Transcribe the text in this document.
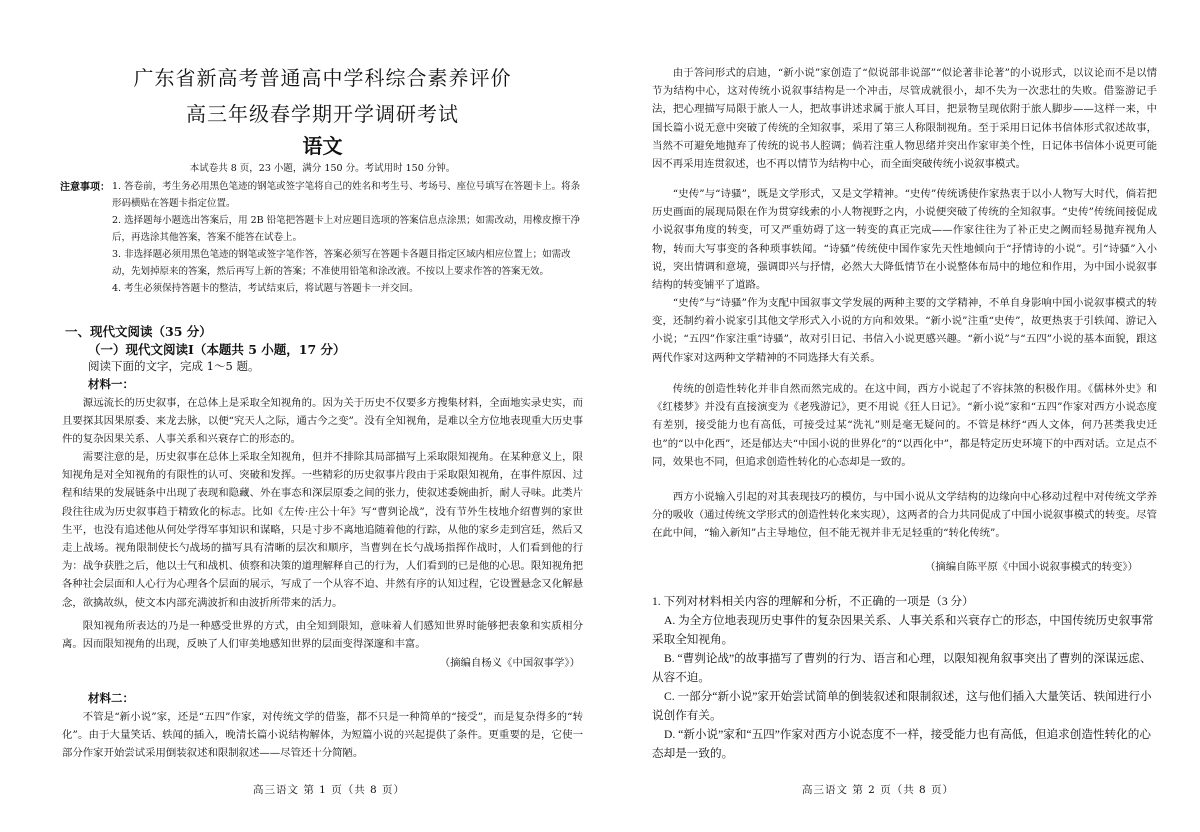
广东省新高考普通高中学科综合素养评价
高三年级春学期开学调研考试
语文
本试卷共 8 页，23 小题，满分 150 分。考试用时 150 分钟。
注意事项： 1. 答卷前，考生务必用黑色笔迹的钢笔或签字笔将自己的姓名和考生号、考场号、座位号填写在答题卡上。将条形码横贴在答题卡指定位置。
2. 选择题每小题选出答案后，用 2B 铅笔把答题卡上对应题目选项的答案信息点涂黑；如需改动，用橡皮擦干净后，再选涂其他答案，答案不能答在试卷上。
3. 非选择题必须用黑色笔迹的钢笔或签字笔作答，答案必须写在答题卡各题目指定区域内相应位置上；如需改动，先划掉原来的答案，然后再写上新的答案；不准使用铅笔和涂改液。不按以上要求作答的答案无效。
4. 考生必须保持答题卡的整洁，考试结束后，将试题与答题卡一并交回。
一、现代文阅读（35 分）
（一）现代文阅读Ⅰ（本题共 5 小题，17 分）
阅读下面的文字，完成 1～5 题。
材料一：
源远流长的历史叙事，在总体上是采取全知视角的。因为关于历史不仅要多方搜集材料，全面地实录史实，而且要探其因果原委、来龙去脉，以便“究天人之际，通古今之变”。没有全知视角，是难以全方位地表现重大历史事件的复杂因果关系、人事关系和兴衰存亡的形态的。
需要注意的是，历史叙事在总体上采取全知视角，但并不排除其局部描写上采取限知视角。在某种意义上，限知视角是对全知视角的有限性的认可、突破和发挥。一些精彩的历史叙事片段由于采取限知视角，在事件原因、过程和结果的发展链条中出现了表现和隐藏、外在事态和深层原委之间的张力，使叙述委婉曲折，耐人寻味。此类片段往往成为历史叙事趋于精致化的标志。比如《左传·庄公十年》写“曹刿论战”，没有节外生枝地介绍曹刿的家世生平，也没有追述他从何处学得军事知识和谋略，只是寸步不离地追随着他的行踪，从他的家乡走到宫廷，然后又走上战场。视角限制使长勺战场的描写具有清晰的层次和顺序，当曹刿在长勺战场指挥作战时，人们看到他的行为：战争获胜之后，他以士气和战机、侦察和决策的道理解释自己的行为，人们看到的已是他的心思。限知视角把各种社会层面和人心行为心理各个层面的展示，写成了一个从容不迫、井然有序的认知过程，它设置悬念又化解悬念，欲擒故纵，使文本内部充满波折和由波折所带来的活力。
限知视角所表达的乃是一种感受世界的方式，由全知到限知，意味着人们感知世界时能够把表象和实质相分离。因而限知视角的出现，反映了人们审美地感知世界的层面变得深邃和丰富。
（摘编自杨义《中国叙事学》）
材料二：
不管是“新小说”家，还是“五四”作家，对传统文学的借鉴，都不只是一种简单的“接受”，而是复杂得多的“转化”。由于大量笑话、轶闻的插入，晚清长篇小说结构解体，为短篇小说的兴起提供了条件。更重要的是，它使一部分作家开始尝试采用倒装叙述和限制叙述——尽管还十分简陋。
高三语文 第 1 页（共 8 页）
由于答问形式的启迪，“新小说”家创造了“似说部非说部”“似论著非论著”的小说形式，以议论而不是以情节为结构中心，这对传统小说叙事结构是一个冲击，尽管成就很小，却不失为一次悲壮的失败。借鉴游记手法，把心理描写局限于旅人一人，把故事讲述求属于旅人耳目，把景物呈现依附于旅人脚步——这样一来，中国长篇小说无意中突破了传统的全知叙事，采用了第三人称限制视角。至于采用日记体书信体形式叙述故事，当然不可避免地抛弃了传统的说书人腔调；倘若注重人物思绪并突出作家审美个性，日记体书信体小说更可能因不再采用连贯叙述，也不再以情节为结构中心，而全面突破传统小说叙事模式。
“史传”与“诗骚”，既是文学形式，又是文学精神。“史传”传统诱使作家热衷于以小人物写大时代，倘若把历史画面的展现局限在作为贯穿线索的小人物视野之内，小说便突破了传统的全知叙事。“史传”传统间接促成小说叙事角度的转变，可又严重妨碍了这一转变的真正完成——作家往往为了补正史之阙而轻易抛弃视角人物，转而大写事变的各种琐事轶闻。“诗骚”传统使中国作家先天性地倾向于“抒情诗的小说”。引“诗骚”入小说，突出情调和意境，强调即兴与抒情，必然大大降低情节在小说整体布局中的地位和作用，为中国小说叙事结构的转变铺平了道路。
“史传”与“诗骚”作为支配中国叙事文学发展的两种主要的文学精神，不单自身影响中国小说叙事模式的转变，还制约着小说家引其他文学形式入小说的方向和效果。“新小说”注重“史传”，故更热衷于引轶闻、游记入小说；“五四”作家注重“诗骚”，故对引日记、书信入小说更感兴趣。“新小说”与“五四”小说的基本面貌，跟这两代作家对这两种文学精神的不同选择大有关系。
传统的创造性转化并非自然而然完成的。在这中间，西方小说起了不容抹煞的积极作用。《儒林外史》和《红楼梦》并没有直接演变为《老残游记》，更不用说《狂人日记》。“新小说”家和“五四”作家对西方小说态度有差别，接受能力也有高低，可接受过某“洗礼”则是毫无疑问的。不管是林纾“西人文体，何乃甚类我史迁也”的“以中化西”，还是郁达夫“中国小说的世界化”的“以西化中”，都是特定历史环境下的中西对话。立足点不同，效果也不同，但追求创造性转化的心态却是一致的。
西方小说输入引起的对其表现技巧的模仿，与中国小说从文学结构的边缘向中心移动过程中对传统文学养分的吸收（通过传统文学形式的创造性转化来实现），这两者的合力共同促成了中国小说叙事模式的转变。尽管在此中间，“输入新知”占主导地位，但不能无视并非无足轻重的“转化传统”。
（摘编自陈平原《中国小说叙事模式的转变》）
1. 下列对材料相关内容的理解和分析，不正确的一项是（3 分）
A. 为全方位地表现历史事件的复杂因果关系、人事关系和兴衰存亡的形态，中国传统历史叙事常采取全知视角。
B. “曹刿论战”的故事描写了曹刿的行为、语言和心理，以限知视角叙事突出了曹刿的深谋远虑、从容不迫。
C. 一部分“新小说”家开始尝试简单的倒装叙述和限制叙述，这与他们插入大量笑话、轶闻进行小说创作有关。
D. “新小说”家和“五四”作家对西方小说态度不一样，接受能力也有高低，但追求创造性转化的心态却是一致的。
高三语文 第 2 页（共 8 页）
